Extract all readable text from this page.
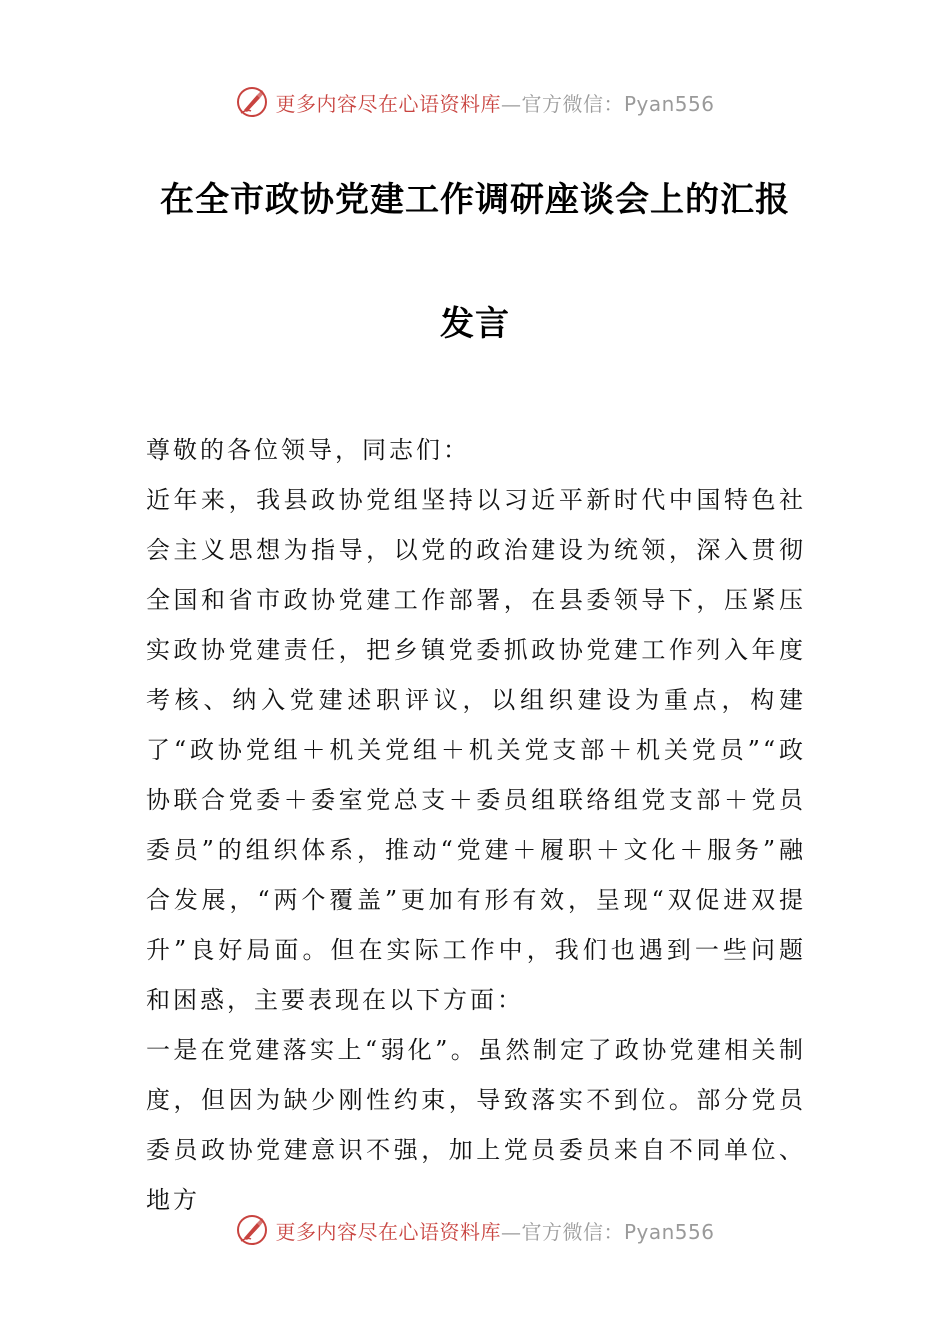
更多内容尽在心语资料库—官方微信：Pyan556
在全市政协党建工作调研座谈会上的汇报
发言

尊敬的各位领导，同志们：

近年来，我县政协党组坚持以习近平新时代中国特色社会主义思想为指导，以党的政治建设为统领，深入贯彻全国和省市政协党建工作部署，在县委领导下，压紧压实政协党建责任，把乡镇党委抓政协党建工作列入年度考核、纳入党建述职评议，以组织建设为重点，构建了“政协党组＋机关党组＋机关党支部＋机关党员”“政协联合党委＋委室党总支＋委员组联络组党支部＋党员委员”的组织体系，推动“党建＋履职＋文化＋服务”融合发展，“两个覆盖”更加有形有效，呈现“双促进双提升”良好局面。但在实际工作中，我们也遇到一些问题和困惑，主要表现在以下方面：

一是在党建落实上“弱化”。虽然制定了政协党建相关制度，但因为缺少刚性约束，导致落实不到位。部分党员委员政协党建意识不强，加上党员委员来自不同单位、地方

更多内容尽在心语资料库—官方微信：Pyan556
